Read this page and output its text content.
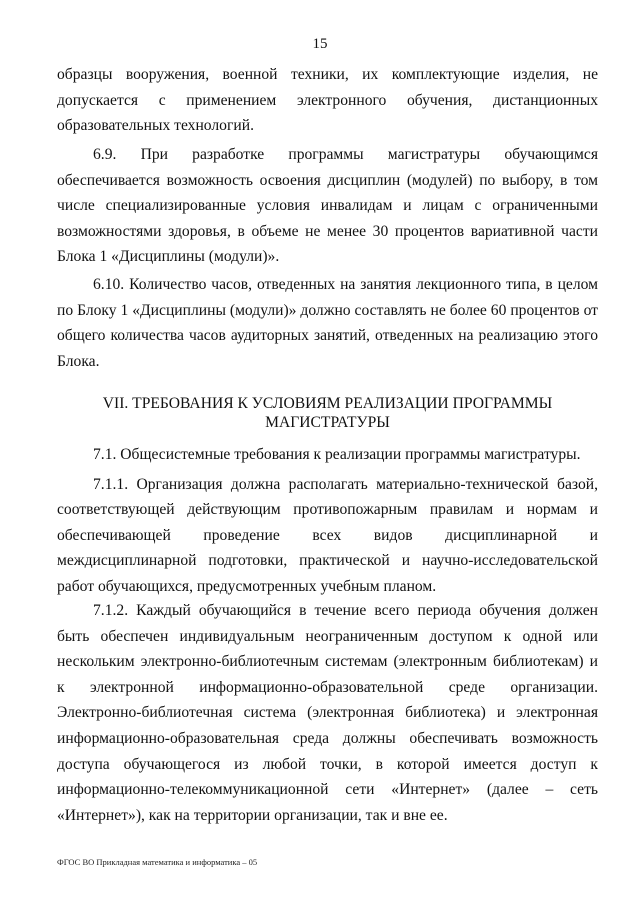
15

образцы вооружения, военной техники, их комплектующие изделия, не допускается с применением электронного обучения, дистанционных образовательных технологий.

6.9. При разработке программы магистратуры обучающимся обеспечивается возможность освоения дисциплин (модулей) по выбору, в том числе специализированные условия инвалидам и лицам с ограниченными возможностями здоровья, в объеме не менее 30 процентов вариативной части Блока 1 «Дисциплины (модули)».

6.10. Количество часов, отведенных на занятия лекционного типа, в целом по Блоку 1 «Дисциплины (модули)» должно составлять не более 60 процентов от общего количества часов аудиторных занятий, отведенных на реализацию этого Блока.

VII. ТРЕБОВАНИЯ К УСЛОВИЯМ РЕАЛИЗАЦИИ ПРОГРАММЫ
МАГИСТРАТУРЫ

7.1. Общесистемные требования к реализации программы магистратуры.

7.1.1. Организация должна располагать материально-технической базой, соответствующей действующим противопожарным правилам и нормам и обеспечивающей проведение всех видов дисциплинарной и междисциплинарной подготовки, практической и научно-исследовательской работ обучающихся, предусмотренных учебным планом.

7.1.2. Каждый обучающийся в течение всего периода обучения должен быть обеспечен индивидуальным неограниченным доступом к одной или нескольким электронно-библиотечным системам (электронным библиотекам) и к электронной информационно-образовательной среде организации. Электронно-библиотечная система (электронная библиотека) и электронная информационно-образовательная среда должны обеспечивать возможность доступа обучающегося из любой точки, в которой имеется доступ к информационно-телекоммуникационной сети «Интернет» (далее – сеть «Интернет»), как на территории организации, так и вне ее.

ФГОС ВО Прикладная математика и информатика – 05
